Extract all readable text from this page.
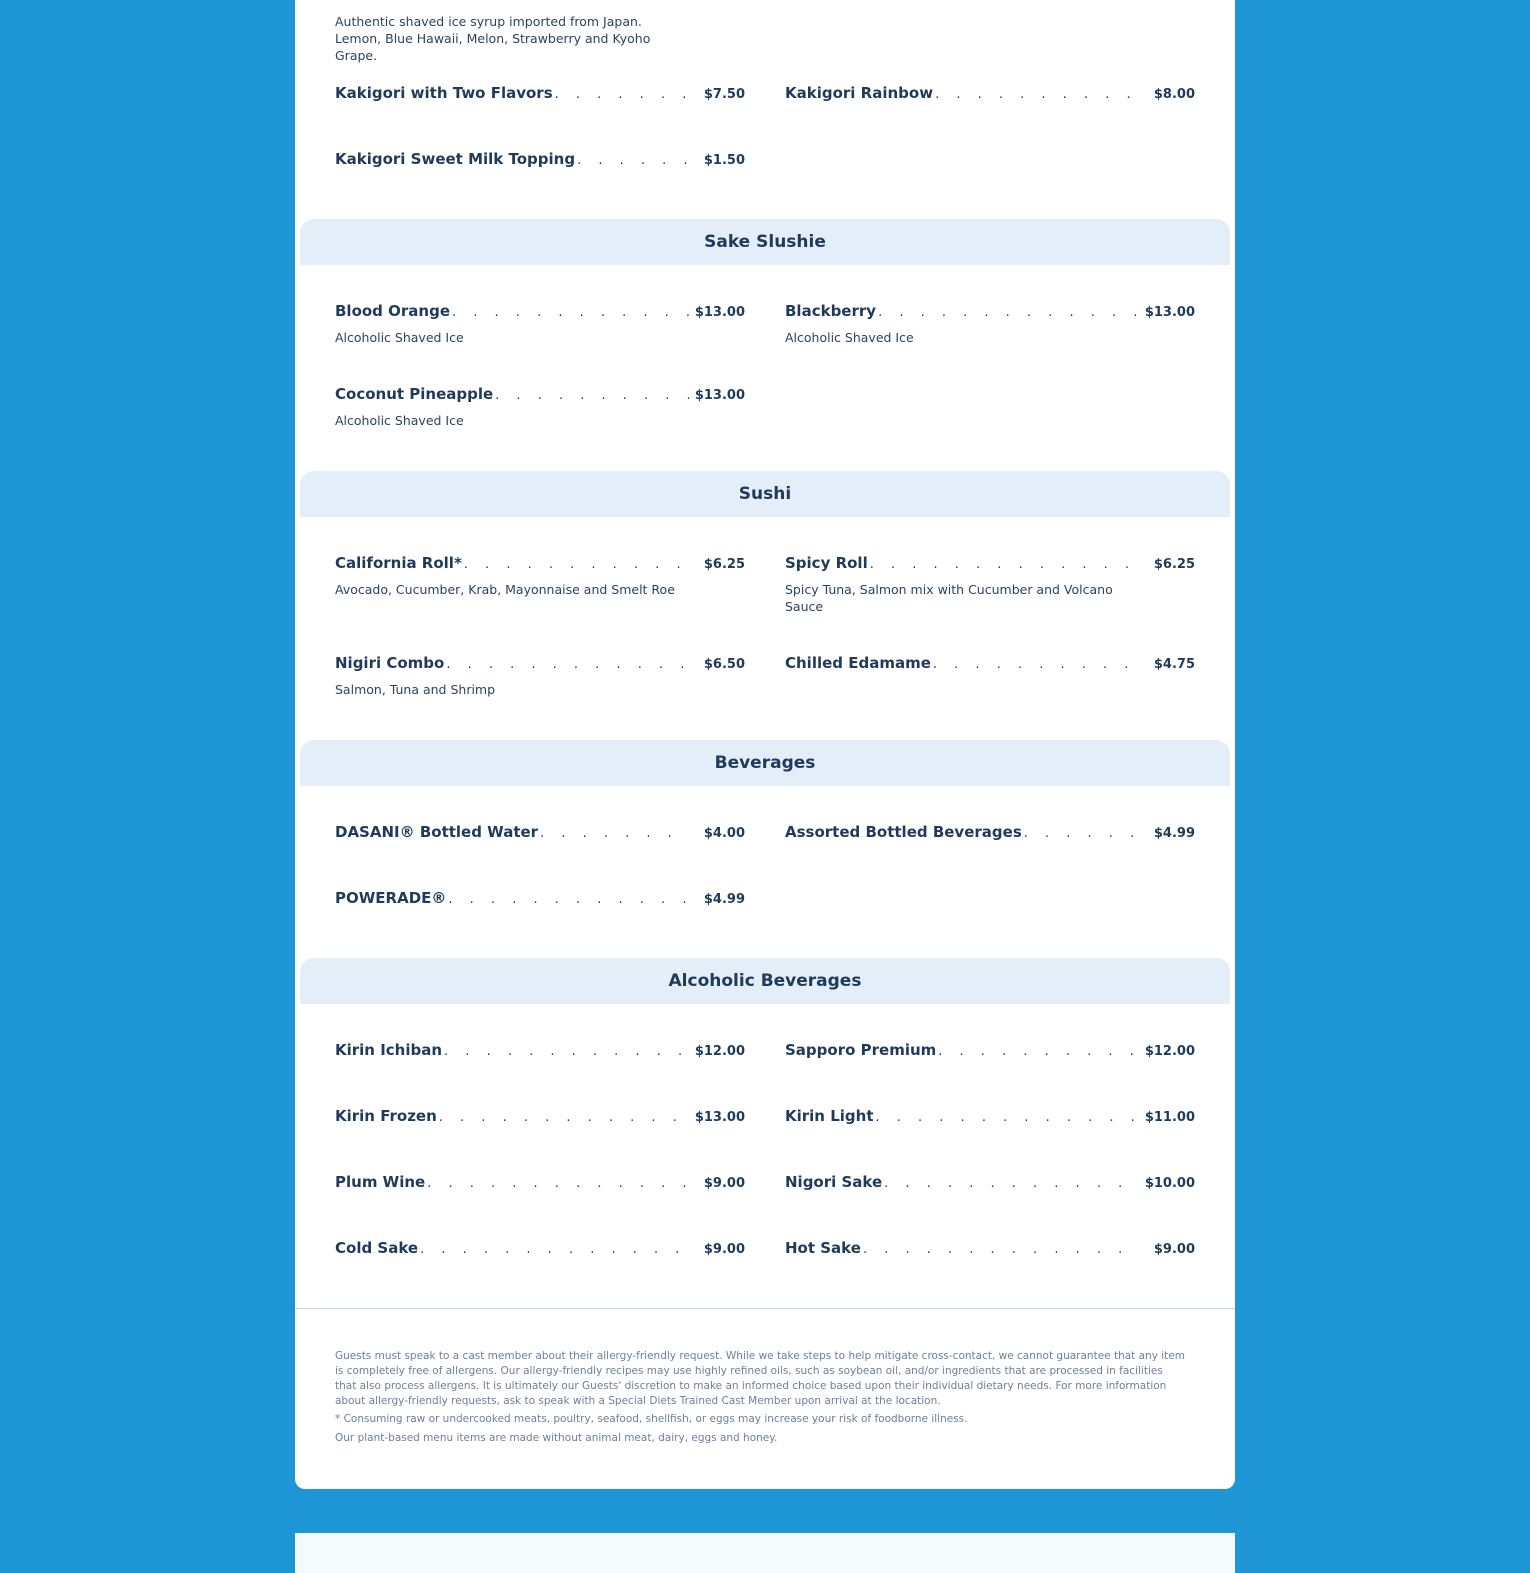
Authentic shaved ice syrup imported from Japan. Lemon, Blue Hawaii, Melon, Strawberry and Kyoho Grape.
Kakigori with Two Flavors . . .	$7.50	Kakigori Rainbow . . .	$8.00
Kakigori Sweet Milk Topping . . .	$1.50
Sake Slushie
Blood Orange . . .	$13.00
Alcoholic Shaved Ice
Blackberry . . .	$13.00
Alcoholic Shaved Ice
Coconut Pineapple . . .	$13.00
Alcoholic Shaved Ice
Sushi
California Roll* . . .	$6.25
Avocado, Cucumber, Krab, Mayonnaise and Smelt Roe
Spicy Roll . . .	$6.25
Spicy Tuna, Salmon mix with Cucumber and Volcano Sauce
Nigiri Combo . . .	$6.50
Salmon, Tuna and Shrimp
Chilled Edamame . . .	$4.75
Beverages
DASANI® Bottled Water . . .	$4.00	Assorted Bottled Beverages . . .	$4.99
POWERADE® . . .	$4.99
Alcoholic Beverages
Kirin Ichiban . . .	$12.00	Sapporo Premium . . .	$12.00
Kirin Frozen . . .	$13.00	Kirin Light . . .	$11.00
Plum Wine . . .	$9.00	Nigori Sake . . .	$10.00
Cold Sake . . .	$9.00	Hot Sake . . .	$9.00
Guests must speak to a cast member about their allergy-friendly request. While we take steps to help mitigate cross-contact, we cannot guarantee that any item is completely free of allergens. Our allergy-friendly recipes may use highly refined oils, such as soybean oil, and/or ingredients that are processed in facilities that also process allergens. It is ultimately our Guests' discretion to make an informed choice based upon their individual dietary needs. For more information about allergy-friendly requests, ask to speak with a Special Diets Trained Cast Member upon arrival at the location.
* Consuming raw or undercooked meats, poultry, seafood, shellfish, or eggs may increase your risk of foodborne illness.
Our plant-based menu items are made without animal meat, dairy, eggs and honey.
